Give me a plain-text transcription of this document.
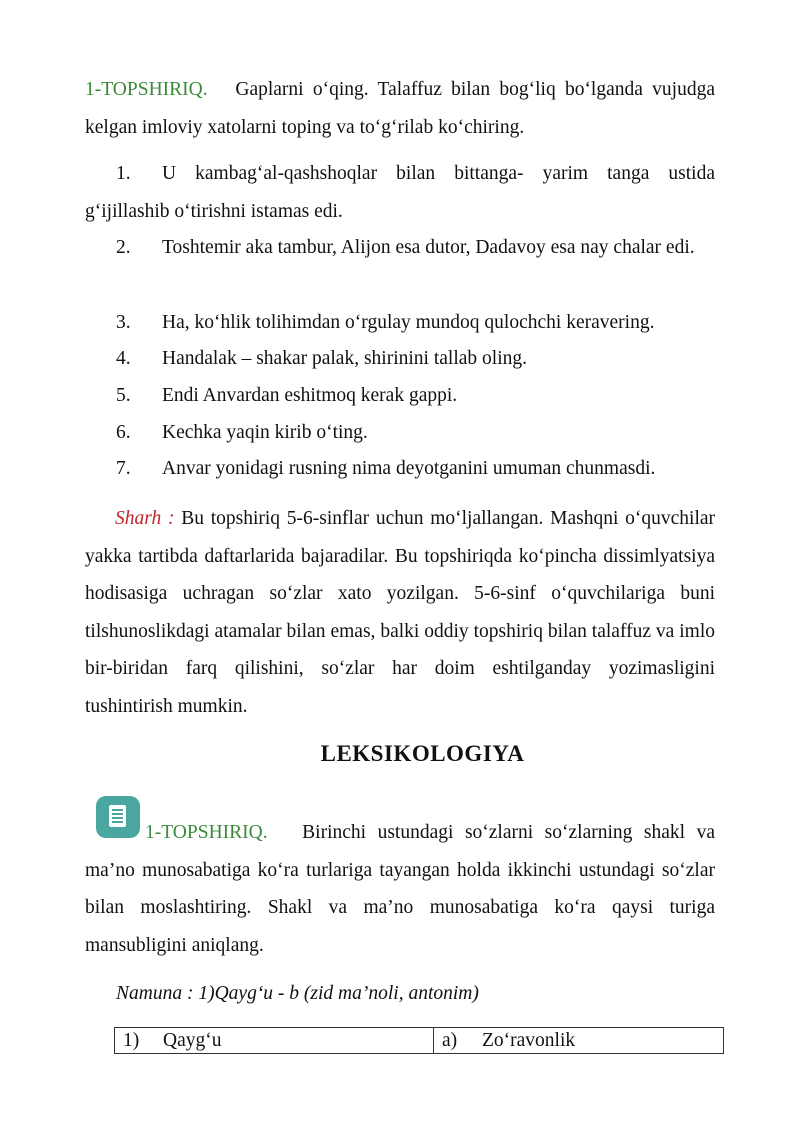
1-TOPSHIRIQ. Gaplarni o‘qing. Talaffuz bilan bog‘liq bo‘lganda vujudga kelgan imloviy xatolarni toping va to‘g‘rilab ko‘chiring.

1.	U kambag‘al-qashshoqlar bilan bittanga- yarim tanga ustida g‘ijillashib o‘tirishni istamas edi.

2.	Toshtemir aka tambur, Alijon esa dutor, Dadavoy esa nay chalar edi.

3. Ha, ko‘hlik tolihimdan o‘rgulay mundoq qulochchi keravering.
4. Handalak – shakar palak, shirinini tallab oling.
5. Endi Anvardan eshitmoq kerak gappi.
6. Kechka yaqin kirib o‘ting.
7. Anvar yonidagi rusning nima deyotganini umuman chunmasdi.

Sharh : Bu topshiriq 5-6-sinflar uchun mo‘ljallangan. Mashqni o‘quvchilar yakka tartibda daftarlarida bajaradilar. Bu topshiriqda ko‘pincha dissimlyatsiya hodisasiga uchragan so‘zlar xato yozilgan. 5-6-sinf o‘quvchilariga buni tilshunoslikdagi atamalar bilan emas, balki oddiy topshiriq bilan talaffuz va imlo bir-biridan farq qilishini, so‘zlar har doim eshtilganday yozimasligini tushintirish mumkin.

LEKSIKOLOGIYA

1-TOPSHIRIQ. Birinchi ustundagi so‘zlarni so‘zlarning shakl va ma’no munosabatiga ko‘ra turlariga tayangan holda ikkinchi ustundagi so‘zlar bilan moslashtiring. Shakl va ma’no munosabatiga ko‘ra qaysi turiga mansubligini aniqlang.

Namuna : 1)Qayg‘u - b (zid ma’noli, antonim)
1) Qayg‘u	a) Zo‘ravonlik
